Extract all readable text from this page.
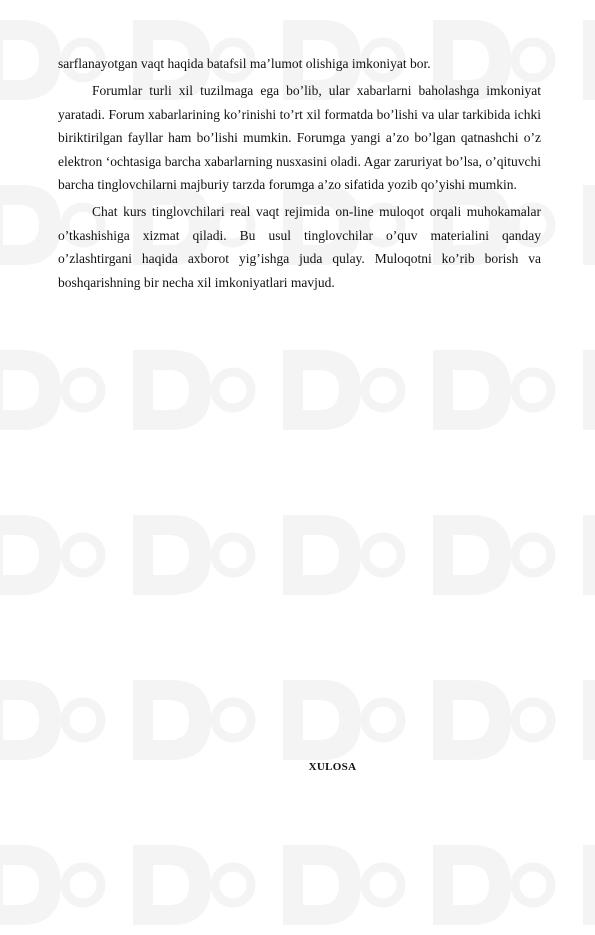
sarflanayotgan vaqt haqida batafsil ma’lumot olishiga imkoniyat bor.

Forumlar turli xil tuzilmaga ega bo’lib, ular xabarlarni baholashga imkoniyat yaratadi. Forum xabarlarining ko’rinishi to’rt xil formatda bo’lishi va ular tarkibida ichki biriktirilgan fayllar ham bo’lishi mumkin. Forumga yangi a’zo bo’lgan qatnashchi o’z elektron ‘ochtasiga barcha xabarlarning nusxasini oladi. Agar zaruriyat bo’lsa, o’qituvchi barcha tinglovchilarni majburiy tarzda forumga a’zo sifatida yozib qo’yishi mumkin.

Chat kurs tinglovchilari real vaqt rejimida on-line muloqot orqali muhokamalar o’tkashishiga xizmat qiladi. Bu usul tinglovchilar o’quv materialini qanday o’zlashtirgani haqida axborot yig’ishga juda qulay. Muloqotni ko’rib borish va boshqarishning bir necha xil imkoniyatlari mavjud.

XULOSA
